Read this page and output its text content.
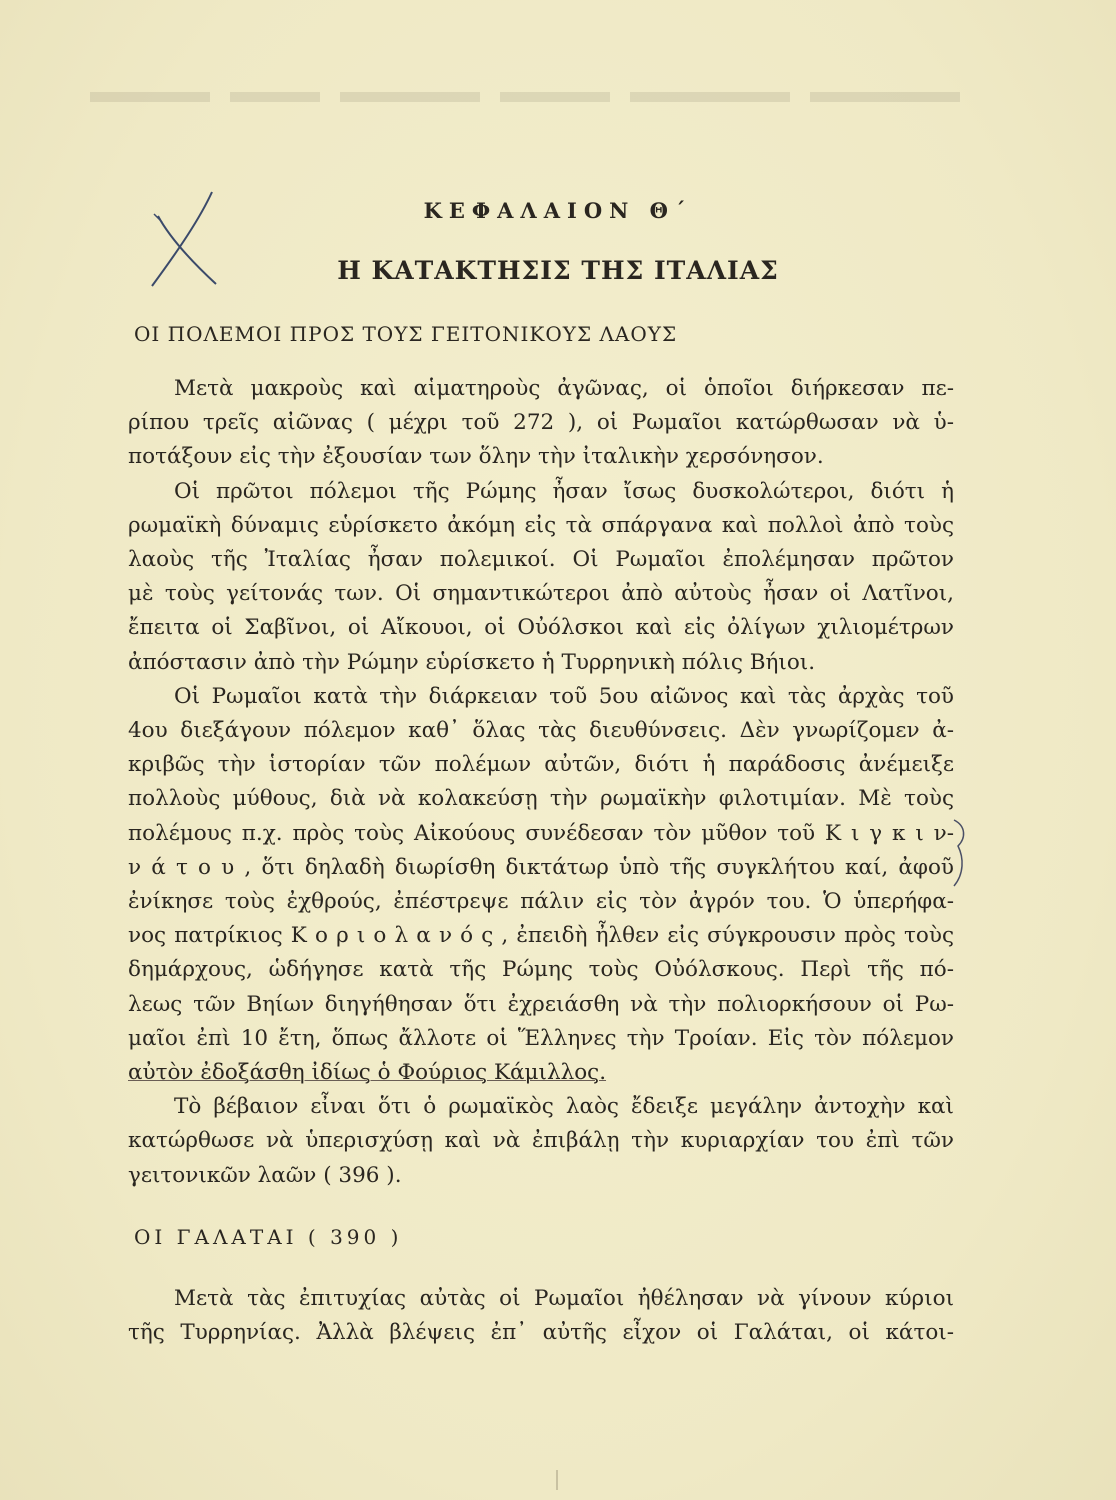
ΚΕΦΑΛΑΙΟΝ Θ΄
Η ΚΑΤΑΚΤΗΣΙΣ ΤΗΣ ΙΤΑΛΙΑΣ
ΟΙ ΠΟΛΕΜΟΙ ΠΡΟΣ ΤΟΥΣ ΓΕΙΤΟΝΙΚΟΥΣ ΛΑΟΥΣ
Μετὰ μακροὺς καὶ αἱματηροὺς ἀγῶνας, οἱ ὁποῖοι διήρκεσαν πε-
ρίπου τρεῖς αἰῶνας ( μέχρι τοῦ 272 ), οἱ Ρωμαῖοι κατώρθωσαν νὰ ὑ-
ποτάξουν εἰς τὴν ἐξουσίαν των ὅλην τὴν ἰταλικὴν χερσόνησον.
Οἱ πρῶτοι πόλεμοι τῆς Ρώμης ἦσαν ἴσως δυσκολώτεροι, διότι ἡ
ρωμαϊκὴ δύναμις εὑρίσκετο ἀκόμη εἰς τὰ σπάργανα καὶ πολλοὶ ἀπὸ τοὺς
λαοὺς τῆς Ἰταλίας ἦσαν πολεμικοί. Οἱ Ρωμαῖοι ἐπολέμησαν πρῶτον
μὲ τοὺς γείτονάς των. Οἱ σημαντικώτεροι ἀπὸ αὐτοὺς ἦσαν οἱ Λατῖνοι,
ἔπειτα οἱ Σαβῖνοι, οἱ Αἴκουοι, οἱ Οὐόλσκοι καὶ εἰς ὀλίγων χιλιομέτρων
ἀπόστασιν ἀπὸ τὴν Ρώμην εὑρίσκετο ἡ Τυρρηνικὴ πόλις Βήιοι.
Οἱ Ρωμαῖοι κατὰ τὴν διάρκειαν τοῦ 5ου αἰῶνος καὶ τὰς ἀρχὰς τοῦ
4ου διεξάγουν πόλεμον καθ᾽ ὅλας τὰς διευθύνσεις. Δὲν γνωρίζομεν ἀ-
κριβῶς τὴν ἱστορίαν τῶν πολέμων αὐτῶν, διότι ἡ παράδοσις ἀνέμειξε
πολλοὺς μύθους, διὰ νὰ κολακεύσῃ τὴν ρωμαϊκὴν φιλοτιμίαν. Μὲ τοὺς
πολέμους π.χ. πρὸς τοὺς Αἰκούους συνέδεσαν τὸν μῦθον τοῦ Κ ι γ κ ι ν-
ν ά τ ο υ , ὅτι δηλαδὴ διωρίσθη δικτάτωρ ὑπὸ τῆς συγκλήτου καί, ἀφοῦ
ἐνίκησε τοὺς ἐχθρούς, ἐπέστρεψε πάλιν εἰς τὸν ἀγρόν του. Ὁ ὑπερήφα-
νος πατρίκιος Κ ο ρ ι ο λ α ν ό ς , ἐπειδὴ ἦλθεν εἰς σύγκρουσιν πρὸς τοὺς
δημάρχους, ὡδήγησε κατὰ τῆς Ρώμης τοὺς Οὐόλσκους. Περὶ τῆς πό-
λεως τῶν Βηίων διηγήθησαν ὅτι ἐχρειάσθη νὰ τὴν πολιορκήσουν οἱ Ρω-
μαῖοι ἐπὶ 10 ἔτη, ὅπως ἄλλοτε οἱ Ἕλληνες τὴν Τροίαν. Εἰς τὸν πόλεμον
αὐτὸν ἐδοξάσθη ἰδίως ὁ Φούριος Κάμιλλος.
Τὸ βέβαιον εἶναι ὅτι ὁ ρωμαϊκὸς λαὸς ἔδειξε μεγάλην ἀντοχὴν καὶ
κατώρθωσε νὰ ὑπερισχύσῃ καὶ νὰ ἐπιβάλῃ τὴν κυριαρχίαν του ἐπὶ τῶν
γειτονικῶν λαῶν ( 396 ).
ΟΙ ΓΑΛΑΤΑΙ ( 390 )
Μετὰ τὰς ἐπιτυχίας αὐτὰς οἱ Ρωμαῖοι ἠθέλησαν νὰ γίνουν κύριοι
τῆς Τυρρηνίας. Ἀλλὰ βλέψεις ἐπ᾽ αὐτῆς εἶχον οἱ Γαλάται, οἱ κάτοι-
